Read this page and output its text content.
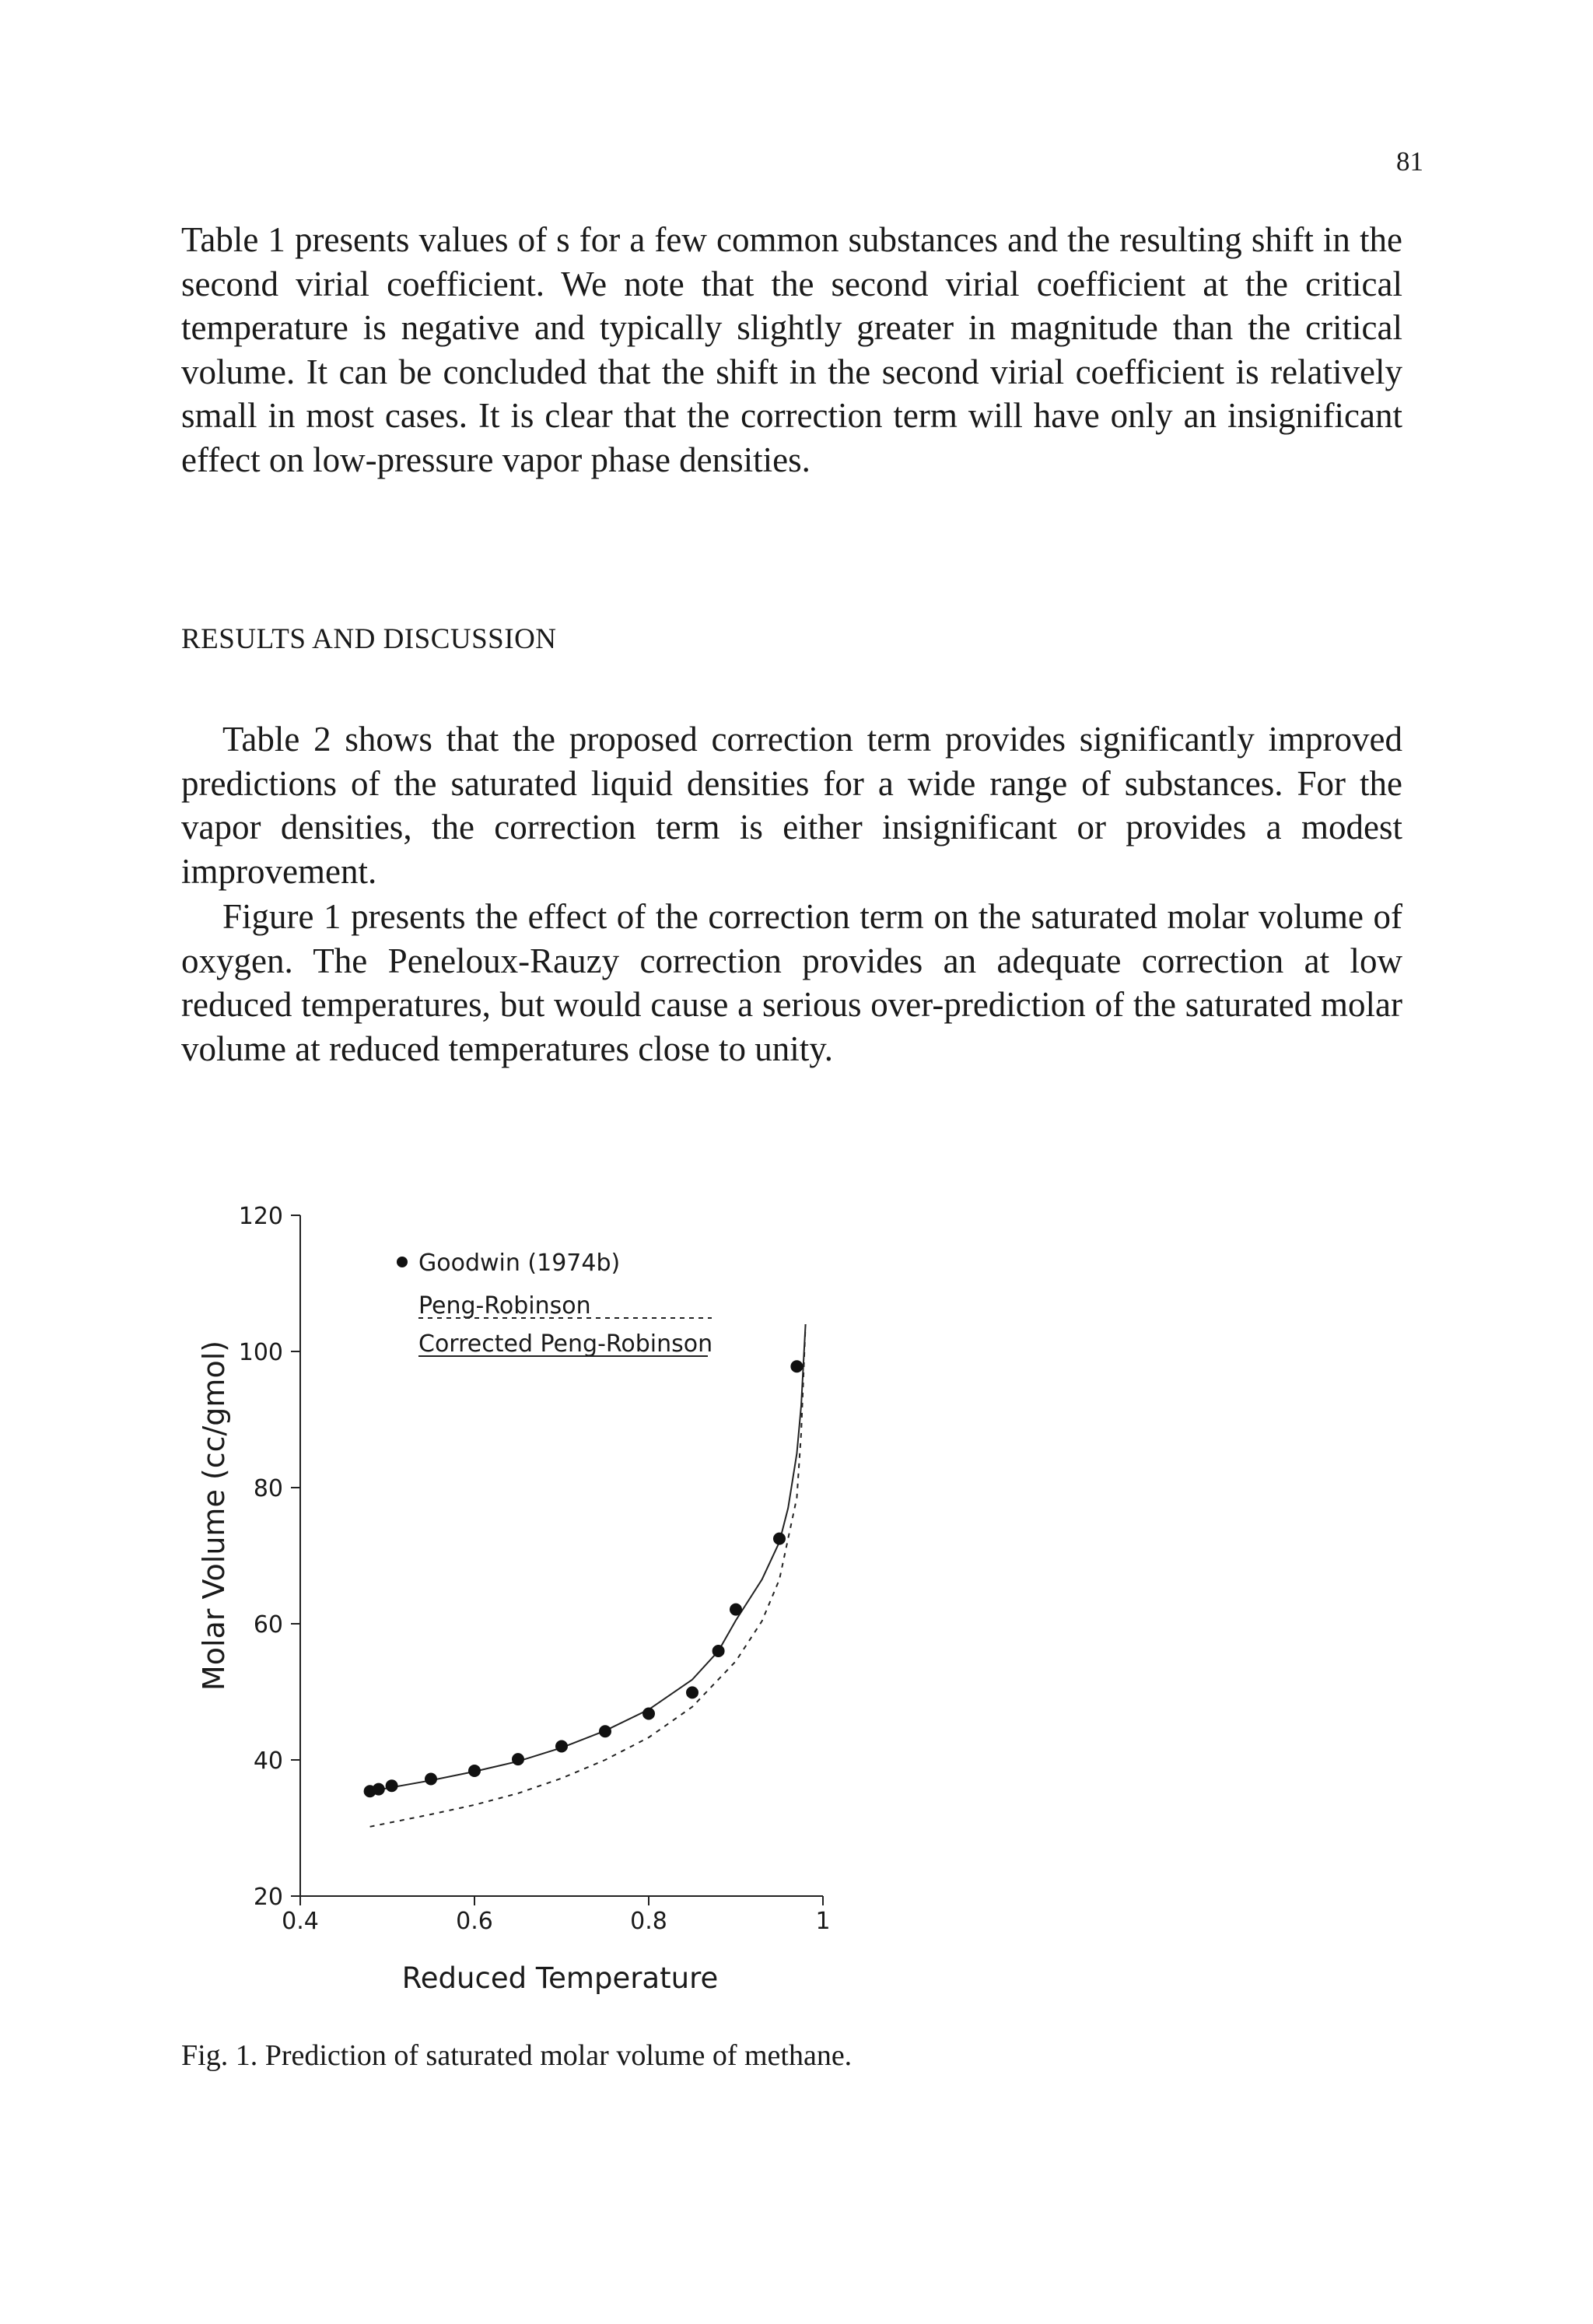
81

Table 1 presents values of s for a few common substances and the resulting shift in the second virial coefficient. We note that the second virial coefficient at the critical temperature is negative and typically slightly greater in magnitude than the critical volume. It can be concluded that the shift in the second virial coefficient is relatively small in most cases. It is clear that the correction term will have only an insignificant effect on low-pressure vapor phase densities.

RESULTS AND DISCUSSION

Table 2 shows that the proposed correction term provides significantly improved predictions of the saturated liquid densities for a wide range of substances. For the vapor densities, the correction term is either insignificant or provides a modest improvement.

Figure 1 presents the effect of the correction term on the saturated molar volume of oxygen. The Peneloux-Rauzy correction provides an adequate correction at low reduced temperatures, but would cause a serious over-prediction of the saturated molar volume at reduced temperatures close to unity.

20
40
60
80
100
120
0.4	0.6	0.8	1
Molar Volume (cc/gmol)
Reduced Temperature
Goodwin (1974b)
Peng-Robinson
Corrected Peng-Robinson
Fig. 1. Prediction of saturated molar volume of methane.
